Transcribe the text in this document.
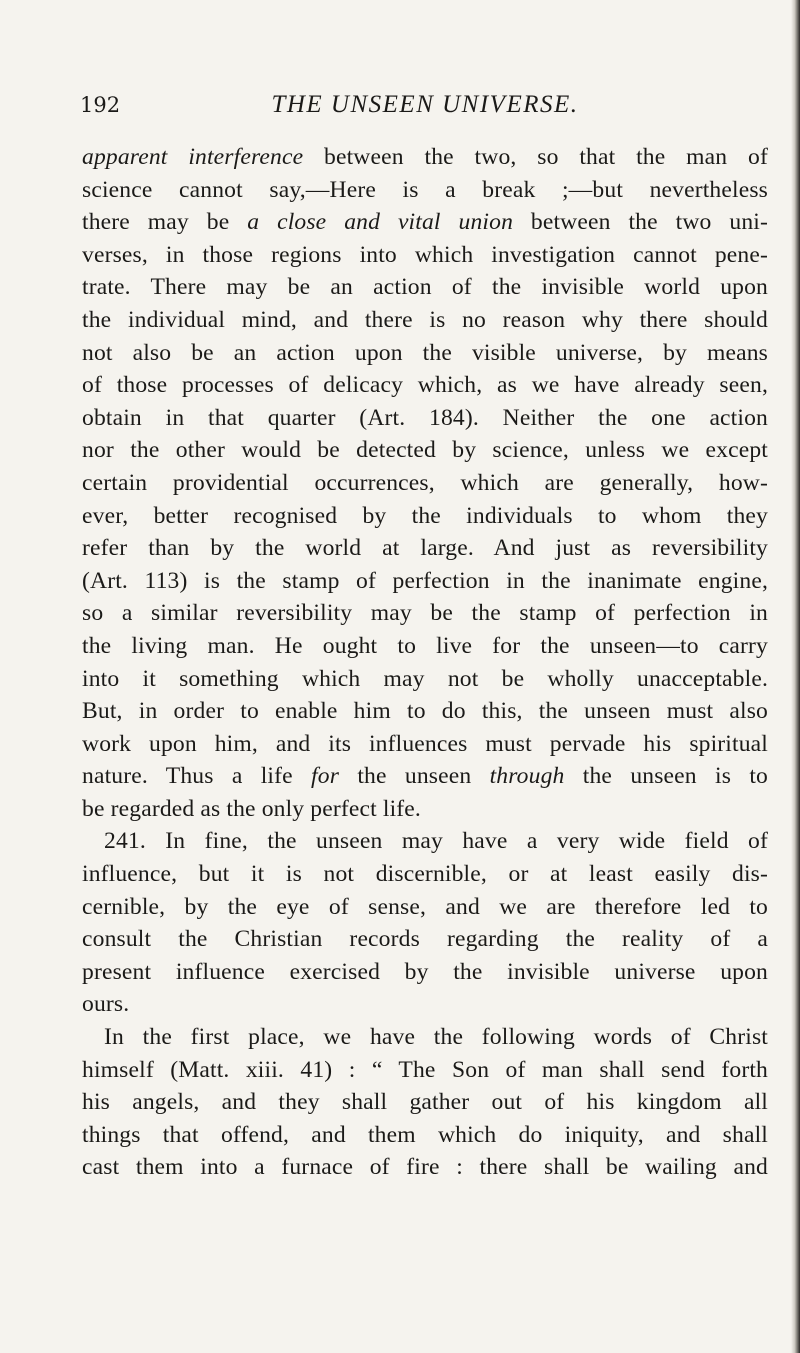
192	THE UNSEEN UNIVERSE.
apparent interference between the two, so that the man of
science cannot say,—Here is a break ;—but nevertheless
there may be a close and vital union between the two uni-
verses, in those regions into which investigation cannot pene-
trate. There may be an action of the invisible world upon
the individual mind, and there is no reason why there should
not also be an action upon the visible universe, by means
of those processes of delicacy which, as we have already seen,
obtain in that quarter (Art. 184). Neither the one action
nor the other would be detected by science, unless we except
certain providential occurrences, which are generally, how-
ever, better recognised by the individuals to whom they
refer than by the world at large. And just as reversibility
(Art. 113) is the stamp of perfection in the inanimate engine,
so a similar reversibility may be the stamp of perfection in
the living man. He ought to live for the unseen—to carry
into it something which may not be wholly unacceptable.
But, in order to enable him to do this, the unseen must also
work upon him, and its influences must pervade his spiritual
nature. Thus a life for the unseen through the unseen is to
be regarded as the only perfect life.
241. In fine, the unseen may have a very wide field of
influence, but it is not discernible, or at least easily dis-
cernible, by the eye of sense, and we are therefore led to
consult the Christian records regarding the reality of a
present influence exercised by the invisible universe upon
ours.
In the first place, we have the following words of Christ
himself (Matt. xiii. 41) : “ The Son of man shall send forth
his angels, and they shall gather out of his kingdom all
things that offend, and them which do iniquity, and shall
cast them into a furnace of fire : there shall be wailing and
